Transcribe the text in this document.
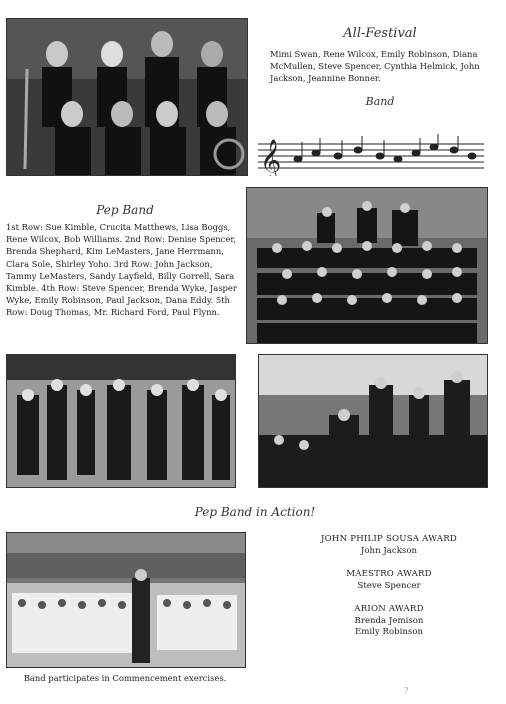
All-Festival
Mimi Swan, Rene Wilcox, Emily Robinson, Diana McMullen, Steve Spencer, Cynthia Helmick, John Jackson, Jeannine Bonner.
Band
𝄞
Pep Band
1st Row: Sue Kimble, Crucita Matthews, Lisa Boggs, Rene Wilcox, Bob Williams. 2nd Row: Denise Spencer, Brenda Shephard, Kim LeMasters, Jane Herrmann, Clara Sole, Shirley Yoho. 3rd Row: John Jackson, Tammy LeMasters, Sandy Layfield, Billy Gorrell, Sara Kimble. 4th Row: Steve Spencer, Brenda Wyke, Jasper Wyke, Emily Robinson, Paul Jackson, Dana Eddy. 5th Row: Doug Thomas, Mr. Richard Ford, Paul Flynn.
Pep Band in Action!
Band participates in Commencement exercises.
JOHN PHILIP SOUSA AWARD
John Jackson
MAESTRO AWARD
Steve Spencer
ARION AWARD
Brenda Jemison
Emily Robinson
?
